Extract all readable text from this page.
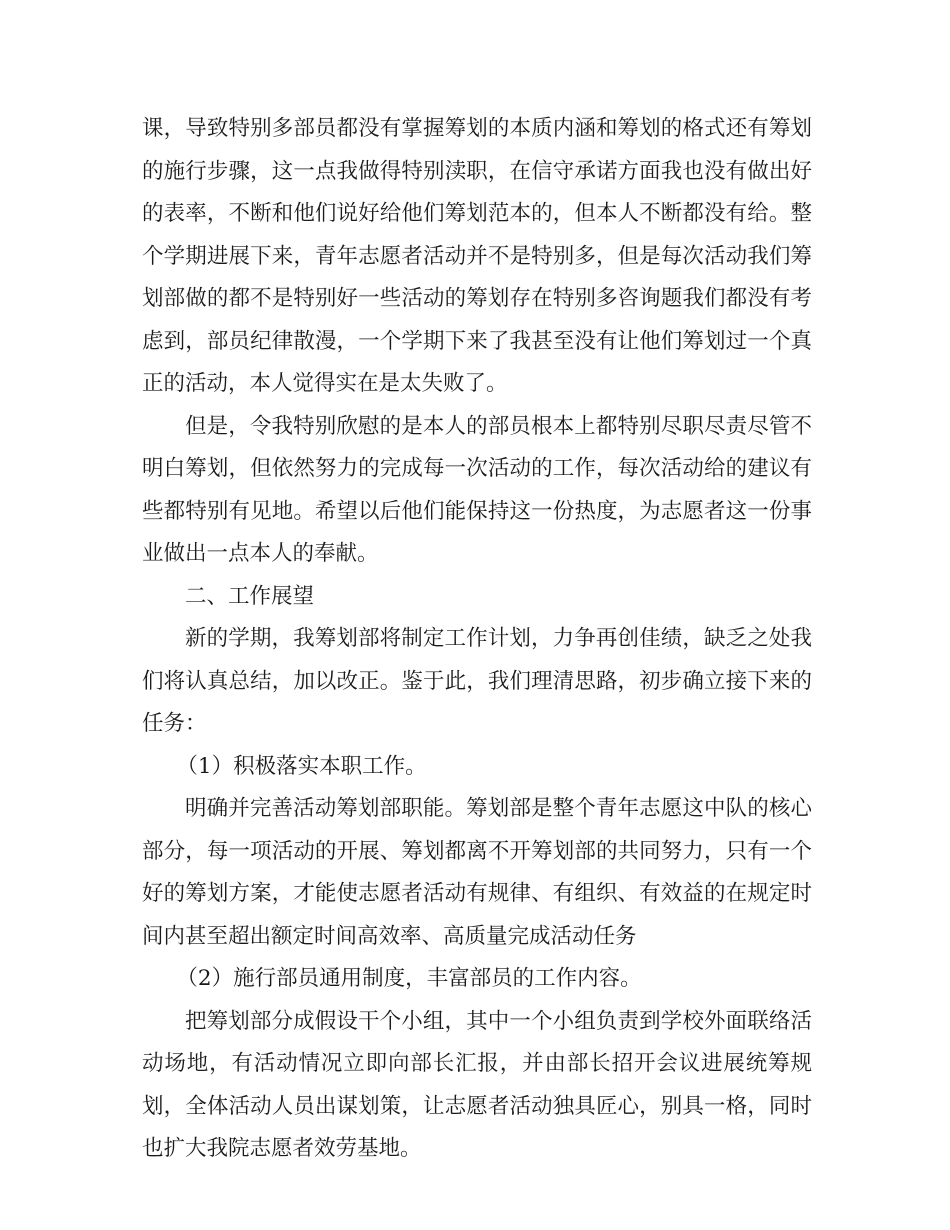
课，导致特别多部员都没有掌握筹划的本质内涵和筹划的格式还有筹划的施行步骤，这一点我做得特别渎职，在信守承诺方面我也没有做出好的表率，不断和他们说好给他们筹划范本的，但本人不断都没有给。整个学期进展下来，青年志愿者活动并不是特别多，但是每次活动我们筹划部做的都不是特别好一些活动的筹划存在特别多咨询题我们都没有考虑到，部员纪律散漫，一个学期下来了我甚至没有让他们筹划过一个真正的活动，本人觉得实在是太失败了。

但是，令我特别欣慰的是本人的部员根本上都特别尽职尽责尽管不明白筹划，但依然努力的完成每一次活动的工作，每次活动给的建议有些都特别有见地。希望以后他们能保持这一份热度，为志愿者这一份事业做出一点本人的奉献。

二、工作展望

新的学期，我筹划部将制定工作计划，力争再创佳绩，缺乏之处我们将认真总结，加以改正。鉴于此，我们理清思路，初步确立接下来的任务：

（1）积极落实本职工作。

明确并完善活动筹划部职能。筹划部是整个青年志愿这中队的核心部分，每一项活动的开展、筹划都离不开筹划部的共同努力，只有一个好的筹划方案，才能使志愿者活动有规律、有组织、有效益的在规定时间内甚至超出额定时间高效率、高质量完成活动任务

（2）施行部员通用制度，丰富部员的工作内容。

把筹划部分成假设干个小组，其中一个小组负责到学校外面联络活动场地，有活动情况立即向部长汇报，并由部长招开会议进展统筹规划，全体活动人员出谋划策，让志愿者活动独具匠心，别具一格，同时也扩大我院志愿者效劳基地。
